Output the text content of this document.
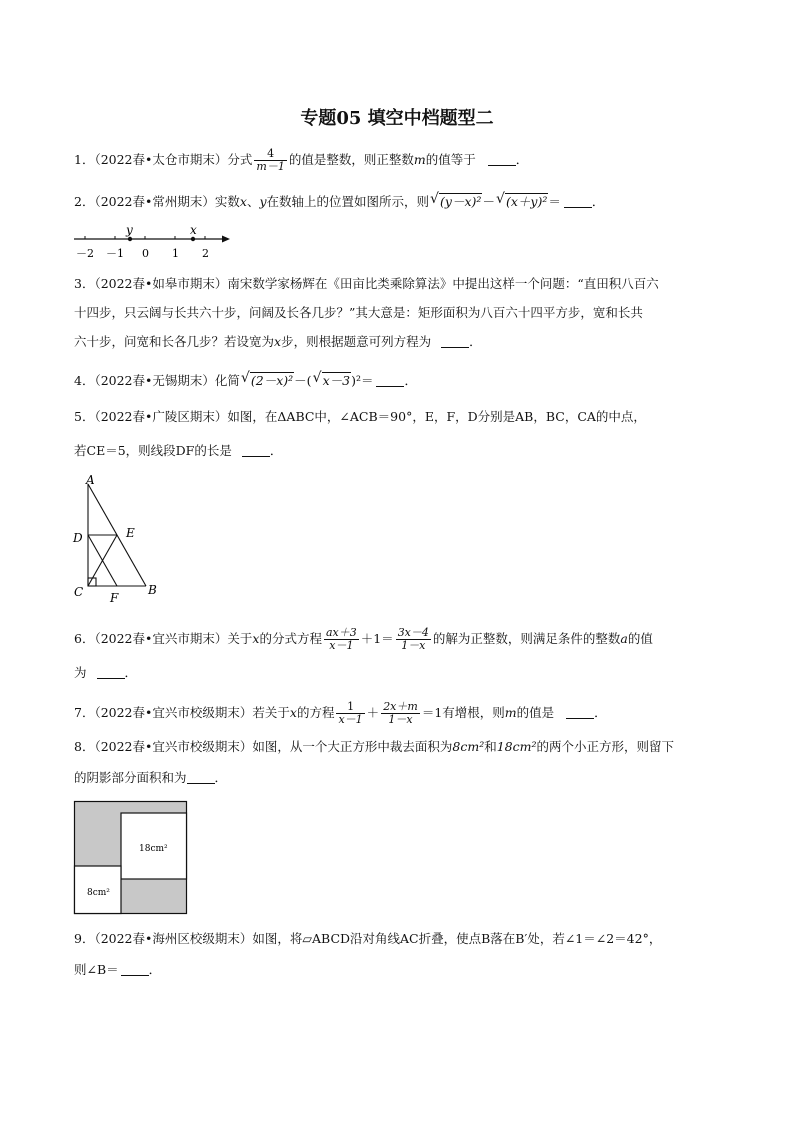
专题05 填空中档题型二
1．（2022春•太仓市期末）分式 $\frac{4}{m-1}$ 的值是整数，则正整数m的值等于	．
2．（2022春•常州期末）实数x、y在数轴上的位置如图所示，则 √ (y－x)²－ √ (x＋y)²＝ ．
y	x
－2 －1 0 1 2
3．（2022春•如皋市期末）南宋数学家杨辉在《田亩比类乘除算法》中提出这样一个问题：“直田积八百六
十四步，只云阔与长共六十步，问阔及长各几步？”其大意是：矩形面积为八百六十四平方步，宽和长共
六十步，问宽和长各几步？若设宽为x步，则根据题意可列方程为	．
4．（2022春•无锡期末）化简 √ (2－x)²－( √ x－3)²＝ ．
5．（2022春•广陵区期末）如图，在ΔABC中，∠ACB＝90°，E，F，D分别是AB，BC，CA的中点，
若CE＝5，则线段DF的长是	．
A
B
C
D	E
F
6．（2022春•宜兴市期末）关于x的分式方程 $\frac{ax+3}{x-1} +1= \frac{3x-4}{1-x}$ 的解为正整数，则满足条件的整数a的值
为	．
7．（2022春•宜兴市校级期末）若关于x的方程 $\frac{1}{x-1} + \frac{2x+m}{1-x} =1$有增根，则m的值是	．
8．（2022春•宜兴市校级期末）如图，从一个大正方形中裁去面积为8cm²和18cm²的两个小正方形，则留下
的阴影部分面积和为 ．
18cm²
8cm²
9．（2022春•海州区校级期末）如图，将▱ABCD沿对角线AC折叠，使点B落在B′处，若∠1＝∠2＝42°，
则∠B＝ ．
